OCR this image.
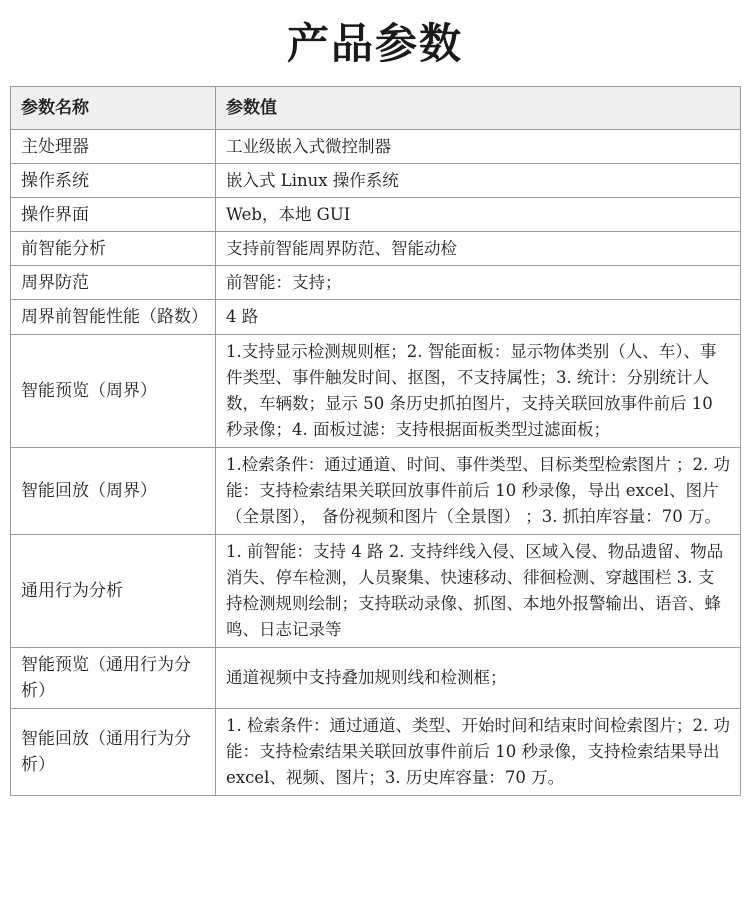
产品参数
参数名称	参数值
主处理器	工业级嵌入式微控制器
操作系统	嵌入式 Linux 操作系统
操作界面	Web，本地 GUI
前智能分析	支持前智能周界防范、智能动检
周界防范	前智能：支持；
周界前智能性能（路数）	4 路
智能预览（周界）	1.支持显示检测规则框；2. 智能面板：显示物体类别（人、车）、事件类型、事件触发时间、抠图，不支持属性；3. 统计：分别统计人数，车辆数；显示 50 条历史抓拍图片，支持关联回放事件前后 10 秒录像；4. 面板过滤：支持根据面板类型过滤面板；
智能回放（周界）	1.检索条件：通过通道、时间、事件类型、目标类型检索图片 ；2. 功能：支持检索结果关联回放事件前后 10 秒录像，导出 excel、图片（全景图）， 备份视频和图片（全景图） ；3. 抓拍库容量：70 万。
通用行为分析	1. 前智能：支持 4 路 2. 支持绊线入侵、区域入侵、物品遗留、物品消失、停车检测，人员聚集、快速移动、徘徊检测、穿越围栏 3. 支持检测规则绘制；支持联动录像、抓图、本地外报警输出、语音、蜂鸣、日志记录等
智能预览（通用行为分析）	通道视频中支持叠加规则线和检测框；
智能回放（通用行为分析）	1. 检索条件：通过通道、类型、开始时间和结束时间检索图片；2. 功能：支持检索结果关联回放事件前后 10 秒录像，支持检索结果导出 excel、视频、图片；3. 历史库容量：70 万。
